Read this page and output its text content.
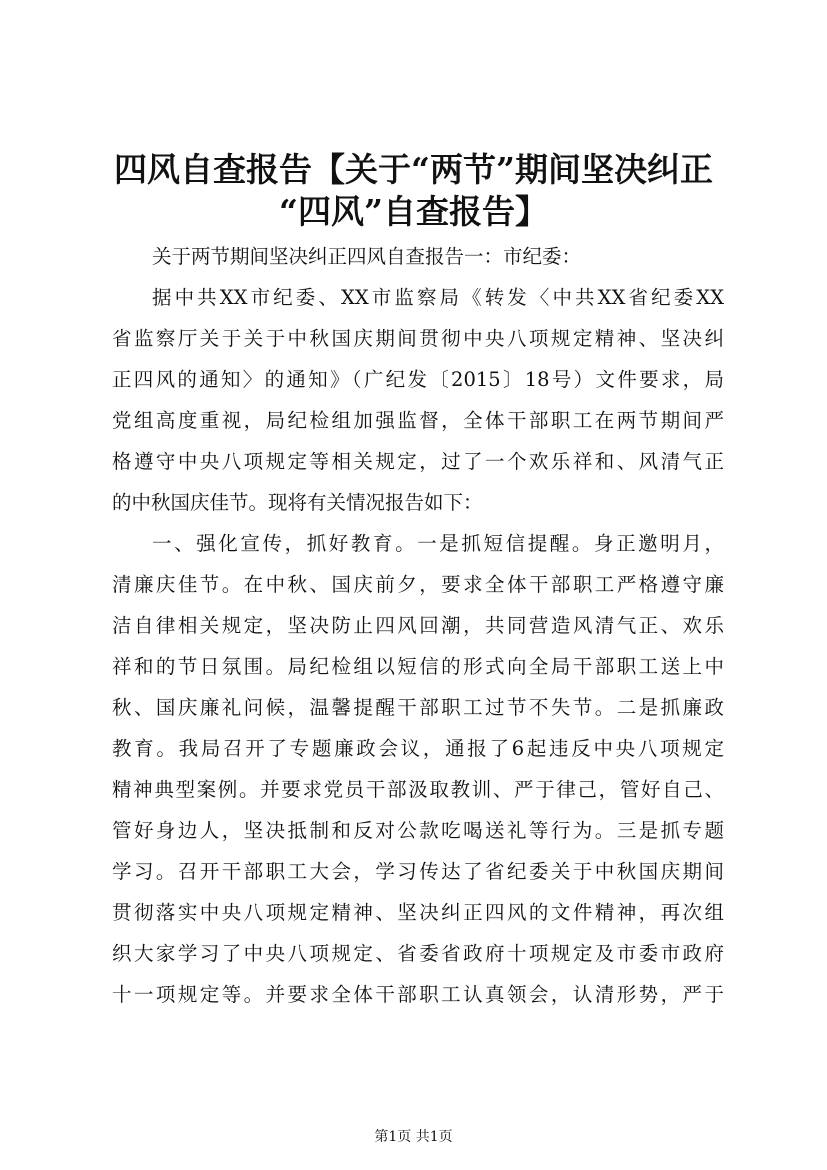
四风自查报告【关于“两节”期间坚决纠正
“四风”自查报告】
关于两节期间坚决纠正四风自查报告一：市纪委：
据中共XX市纪委、XX市监察局《转发〈中共XX省纪委XX
省监察厅关于关于中秋国庆期间贯彻中央八项规定精神、坚决纠
正四风的通知〉的通知》（广纪发〔2015〕18号）文件要求，局
党组高度重视，局纪检组加强监督，全体干部职工在两节期间严
格遵守中央八项规定等相关规定，过了一个欢乐祥和、风清气正
的中秋国庆佳节。现将有关情况报告如下：
一、强化宣传，抓好教育。一是抓短信提醒。身正邀明月，
清廉庆佳节。在中秋、国庆前夕，要求全体干部职工严格遵守廉
洁自律相关规定，坚决防止四风回潮，共同营造风清气正、欢乐
祥和的节日氛围。局纪检组以短信的形式向全局干部职工送上中
秋、国庆廉礼问候，温馨提醒干部职工过节不失节。二是抓廉政
教育。我局召开了专题廉政会议，通报了6起违反中央八项规定
精神典型案例。并要求党员干部汲取教训、严于律己，管好自己、
管好身边人，坚决抵制和反对公款吃喝送礼等行为。三是抓专题
学习。召开干部职工大会，学习传达了省纪委关于中秋国庆期间
贯彻落实中央八项规定精神、坚决纠正四风的文件精神，再次组
织大家学习了中央八项规定、省委省政府十项规定及市委市政府
十一项规定等。并要求全体干部职工认真领会，认清形势，严于
第1页 共1页
